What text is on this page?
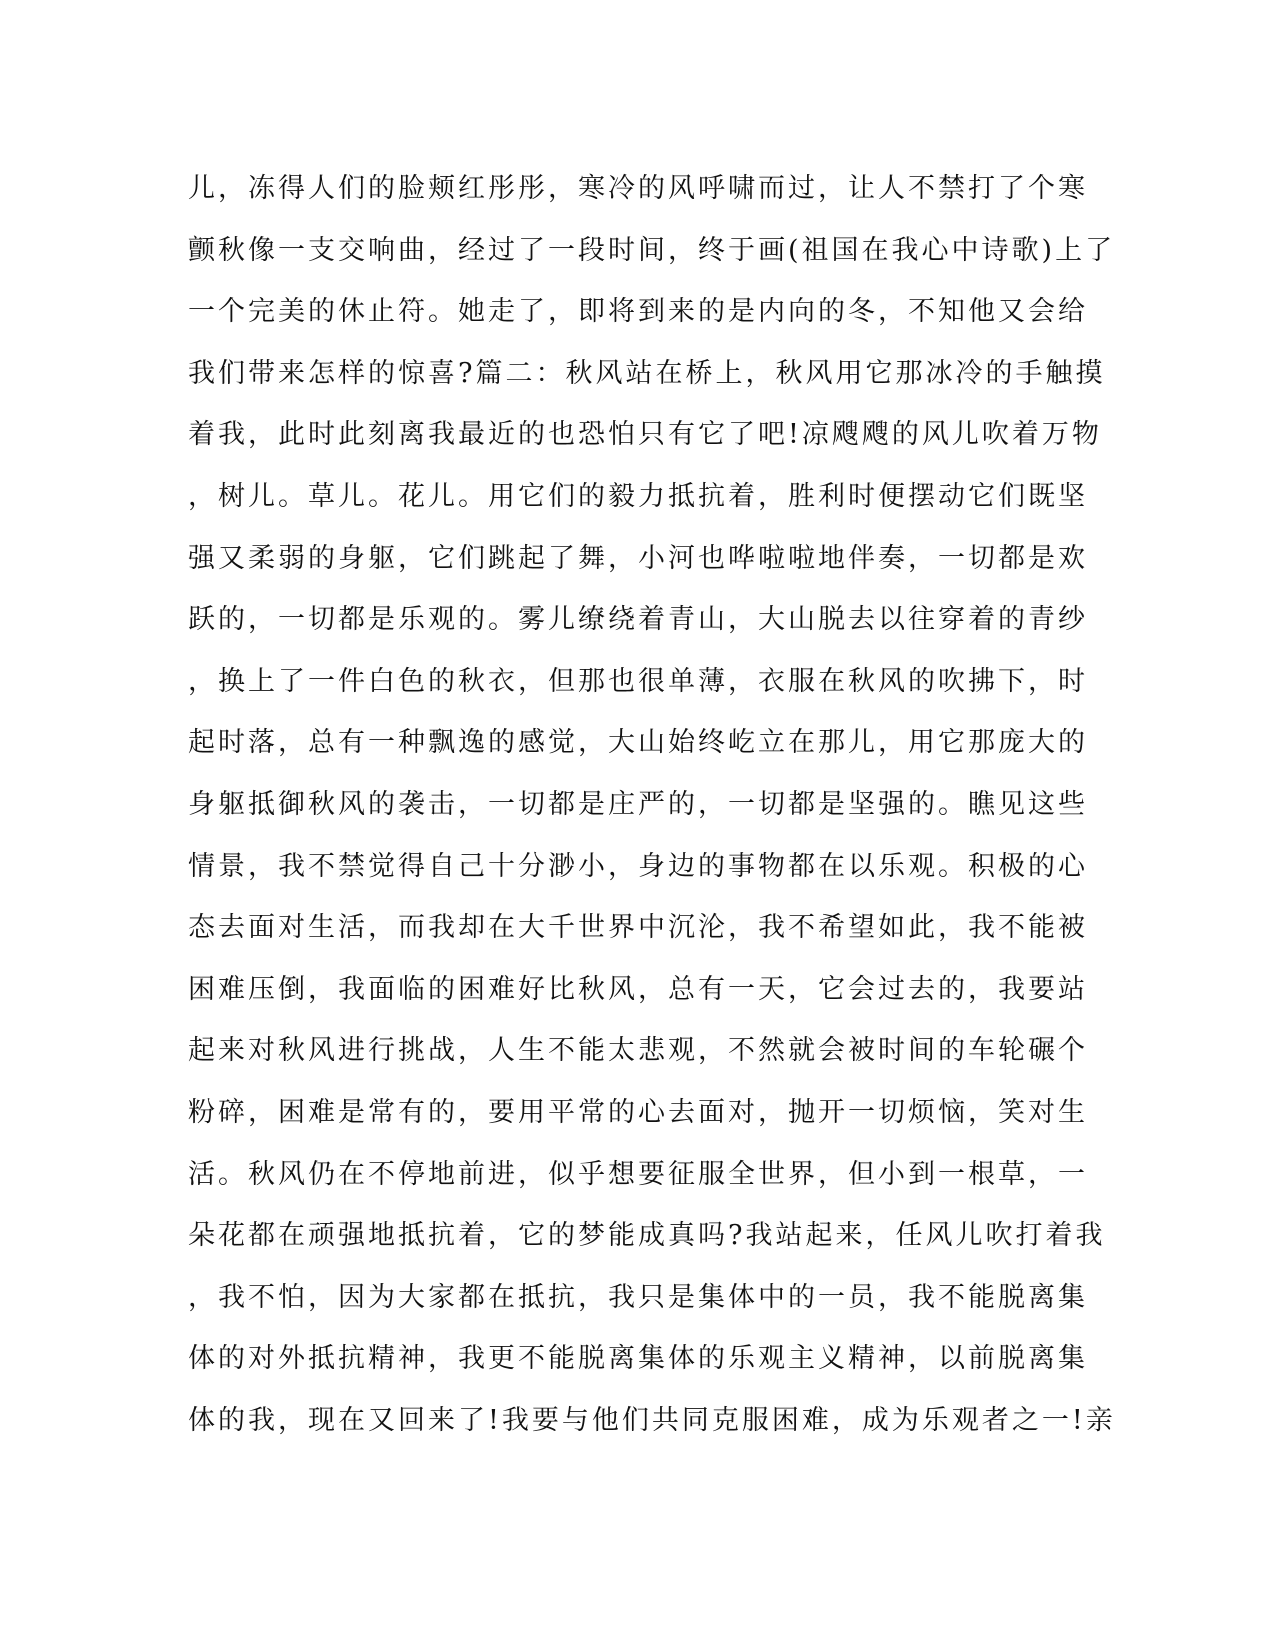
儿，冻得人们的脸颊红彤彤，寒冷的风呼啸而过，让人不禁打了个寒
颤秋像一支交响曲，经过了一段时间，终于画(祖国在我心中诗歌)上了
一个完美的休止符。她走了，即将到来的是内向的冬，不知他又会给
我们带来怎样的惊喜?篇二：秋风站在桥上，秋风用它那冰冷的手触摸
着我，此时此刻离我最近的也恐怕只有它了吧!凉飕飕的风儿吹着万物
，树儿。草儿。花儿。用它们的毅力抵抗着，胜利时便摆动它们既坚
强又柔弱的身躯，它们跳起了舞，小河也哗啦啦地伴奏，一切都是欢
跃的，一切都是乐观的。雾儿缭绕着青山，大山脱去以往穿着的青纱
，换上了一件白色的秋衣，但那也很单薄，衣服在秋风的吹拂下，时
起时落，总有一种飘逸的感觉，大山始终屹立在那儿，用它那庞大的
身躯抵御秋风的袭击，一切都是庄严的，一切都是坚强的。瞧见这些
情景，我不禁觉得自己十分渺小，身边的事物都在以乐观。积极的心
态去面对生活，而我却在大千世界中沉沦，我不希望如此，我不能被
困难压倒，我面临的困难好比秋风，总有一天，它会过去的，我要站
起来对秋风进行挑战，人生不能太悲观，不然就会被时间的车轮碾个
粉碎，困难是常有的，要用平常的心去面对，抛开一切烦恼，笑对生
活。秋风仍在不停地前进，似乎想要征服全世界，但小到一根草，一
朵花都在顽强地抵抗着，它的梦能成真吗?我站起来，任风儿吹打着我
，我不怕，因为大家都在抵抗，我只是集体中的一员，我不能脱离集
体的对外抵抗精神，我更不能脱离集体的乐观主义精神，以前脱离集
体的我，现在又回来了!我要与他们共同克服困难，成为乐观者之一!亲
